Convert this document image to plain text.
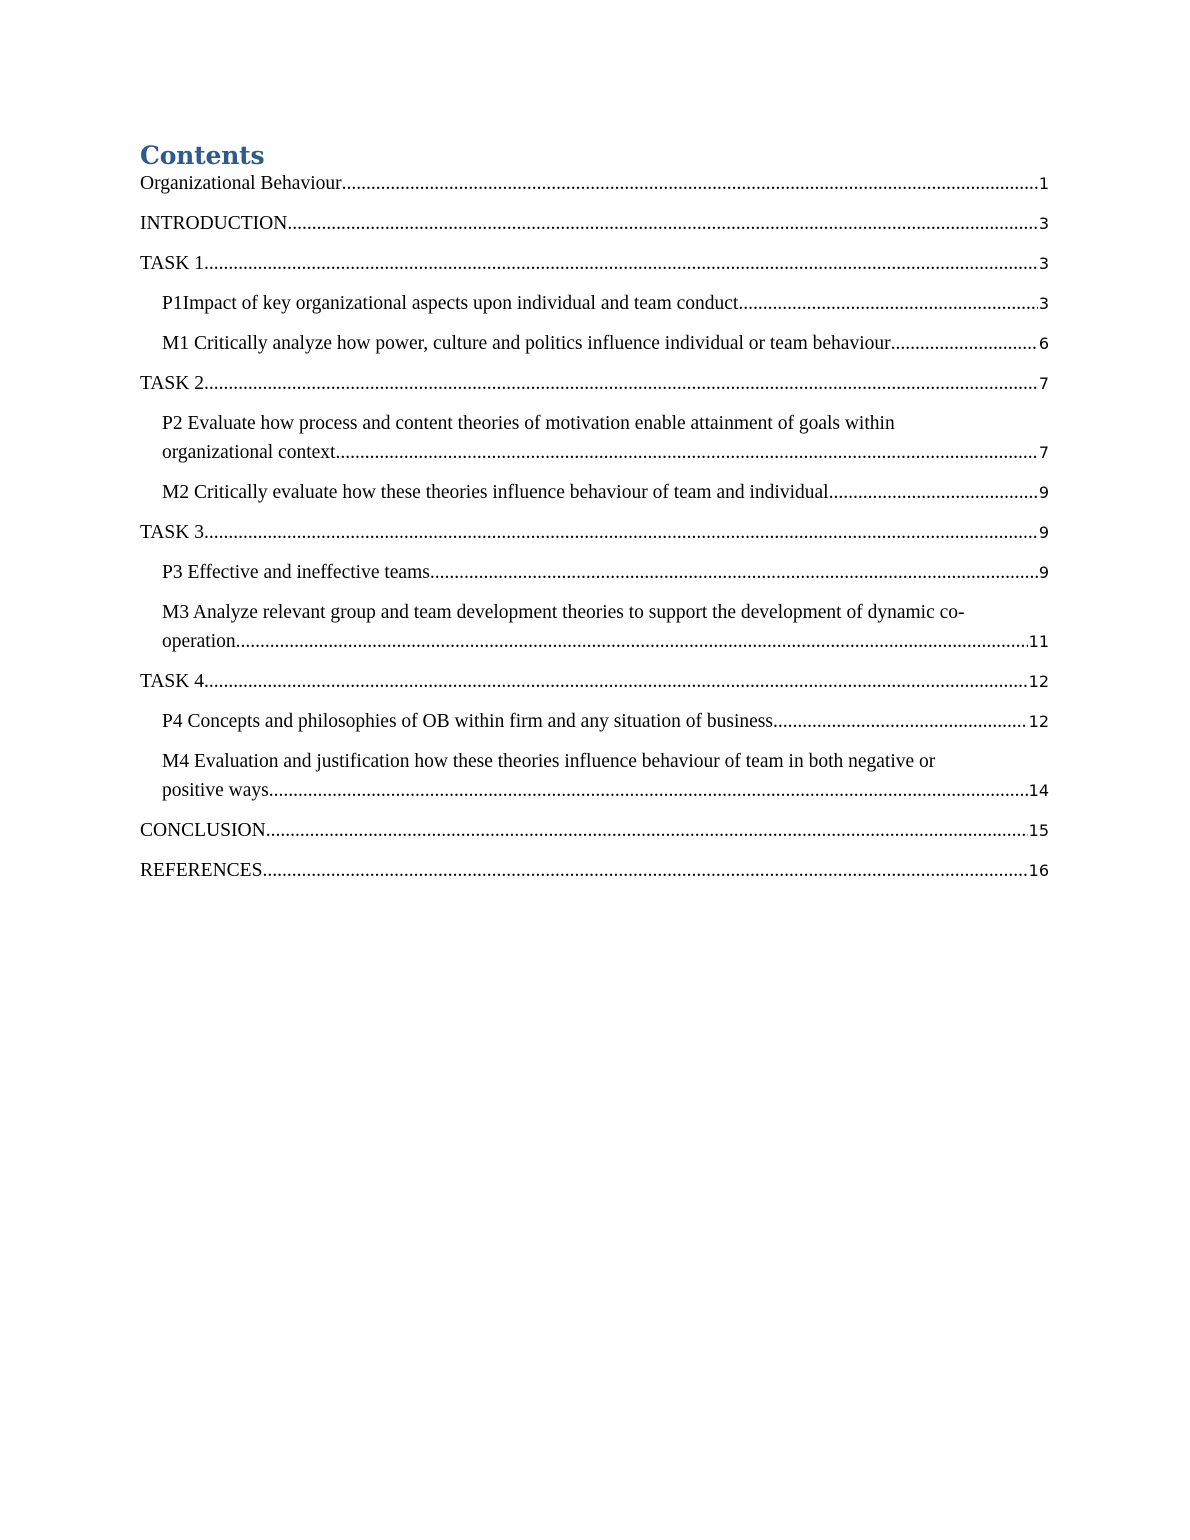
Contents
Organizational Behaviour .....	1
INTRODUCTION .....	3
TASK 1 .....	3
P1Impact of key organizational aspects upon individual and team conduct .....	3
M1 Critically analyze how power, culture and politics influence individual or team behaviour .....	6
TASK 2 .....	7
P2 Evaluate how process and content theories of motivation enable attainment of goals within
organizational context .....	7
M2 Critically evaluate how these theories influence behaviour of team and individual .....	9
TASK 3 .....	9
P3 Effective and ineffective teams .....	9
M3 Analyze relevant group and team development theories to support the development of dynamic co-
operation .....	11
TASK 4 .....	12
P4 Concepts and philosophies of OB within firm and any situation of business .....	12
M4 Evaluation and justification how these theories influence behaviour of team in both negative or
positive ways .....	14
CONCLUSION .....	15
REFERENCES .....	16
